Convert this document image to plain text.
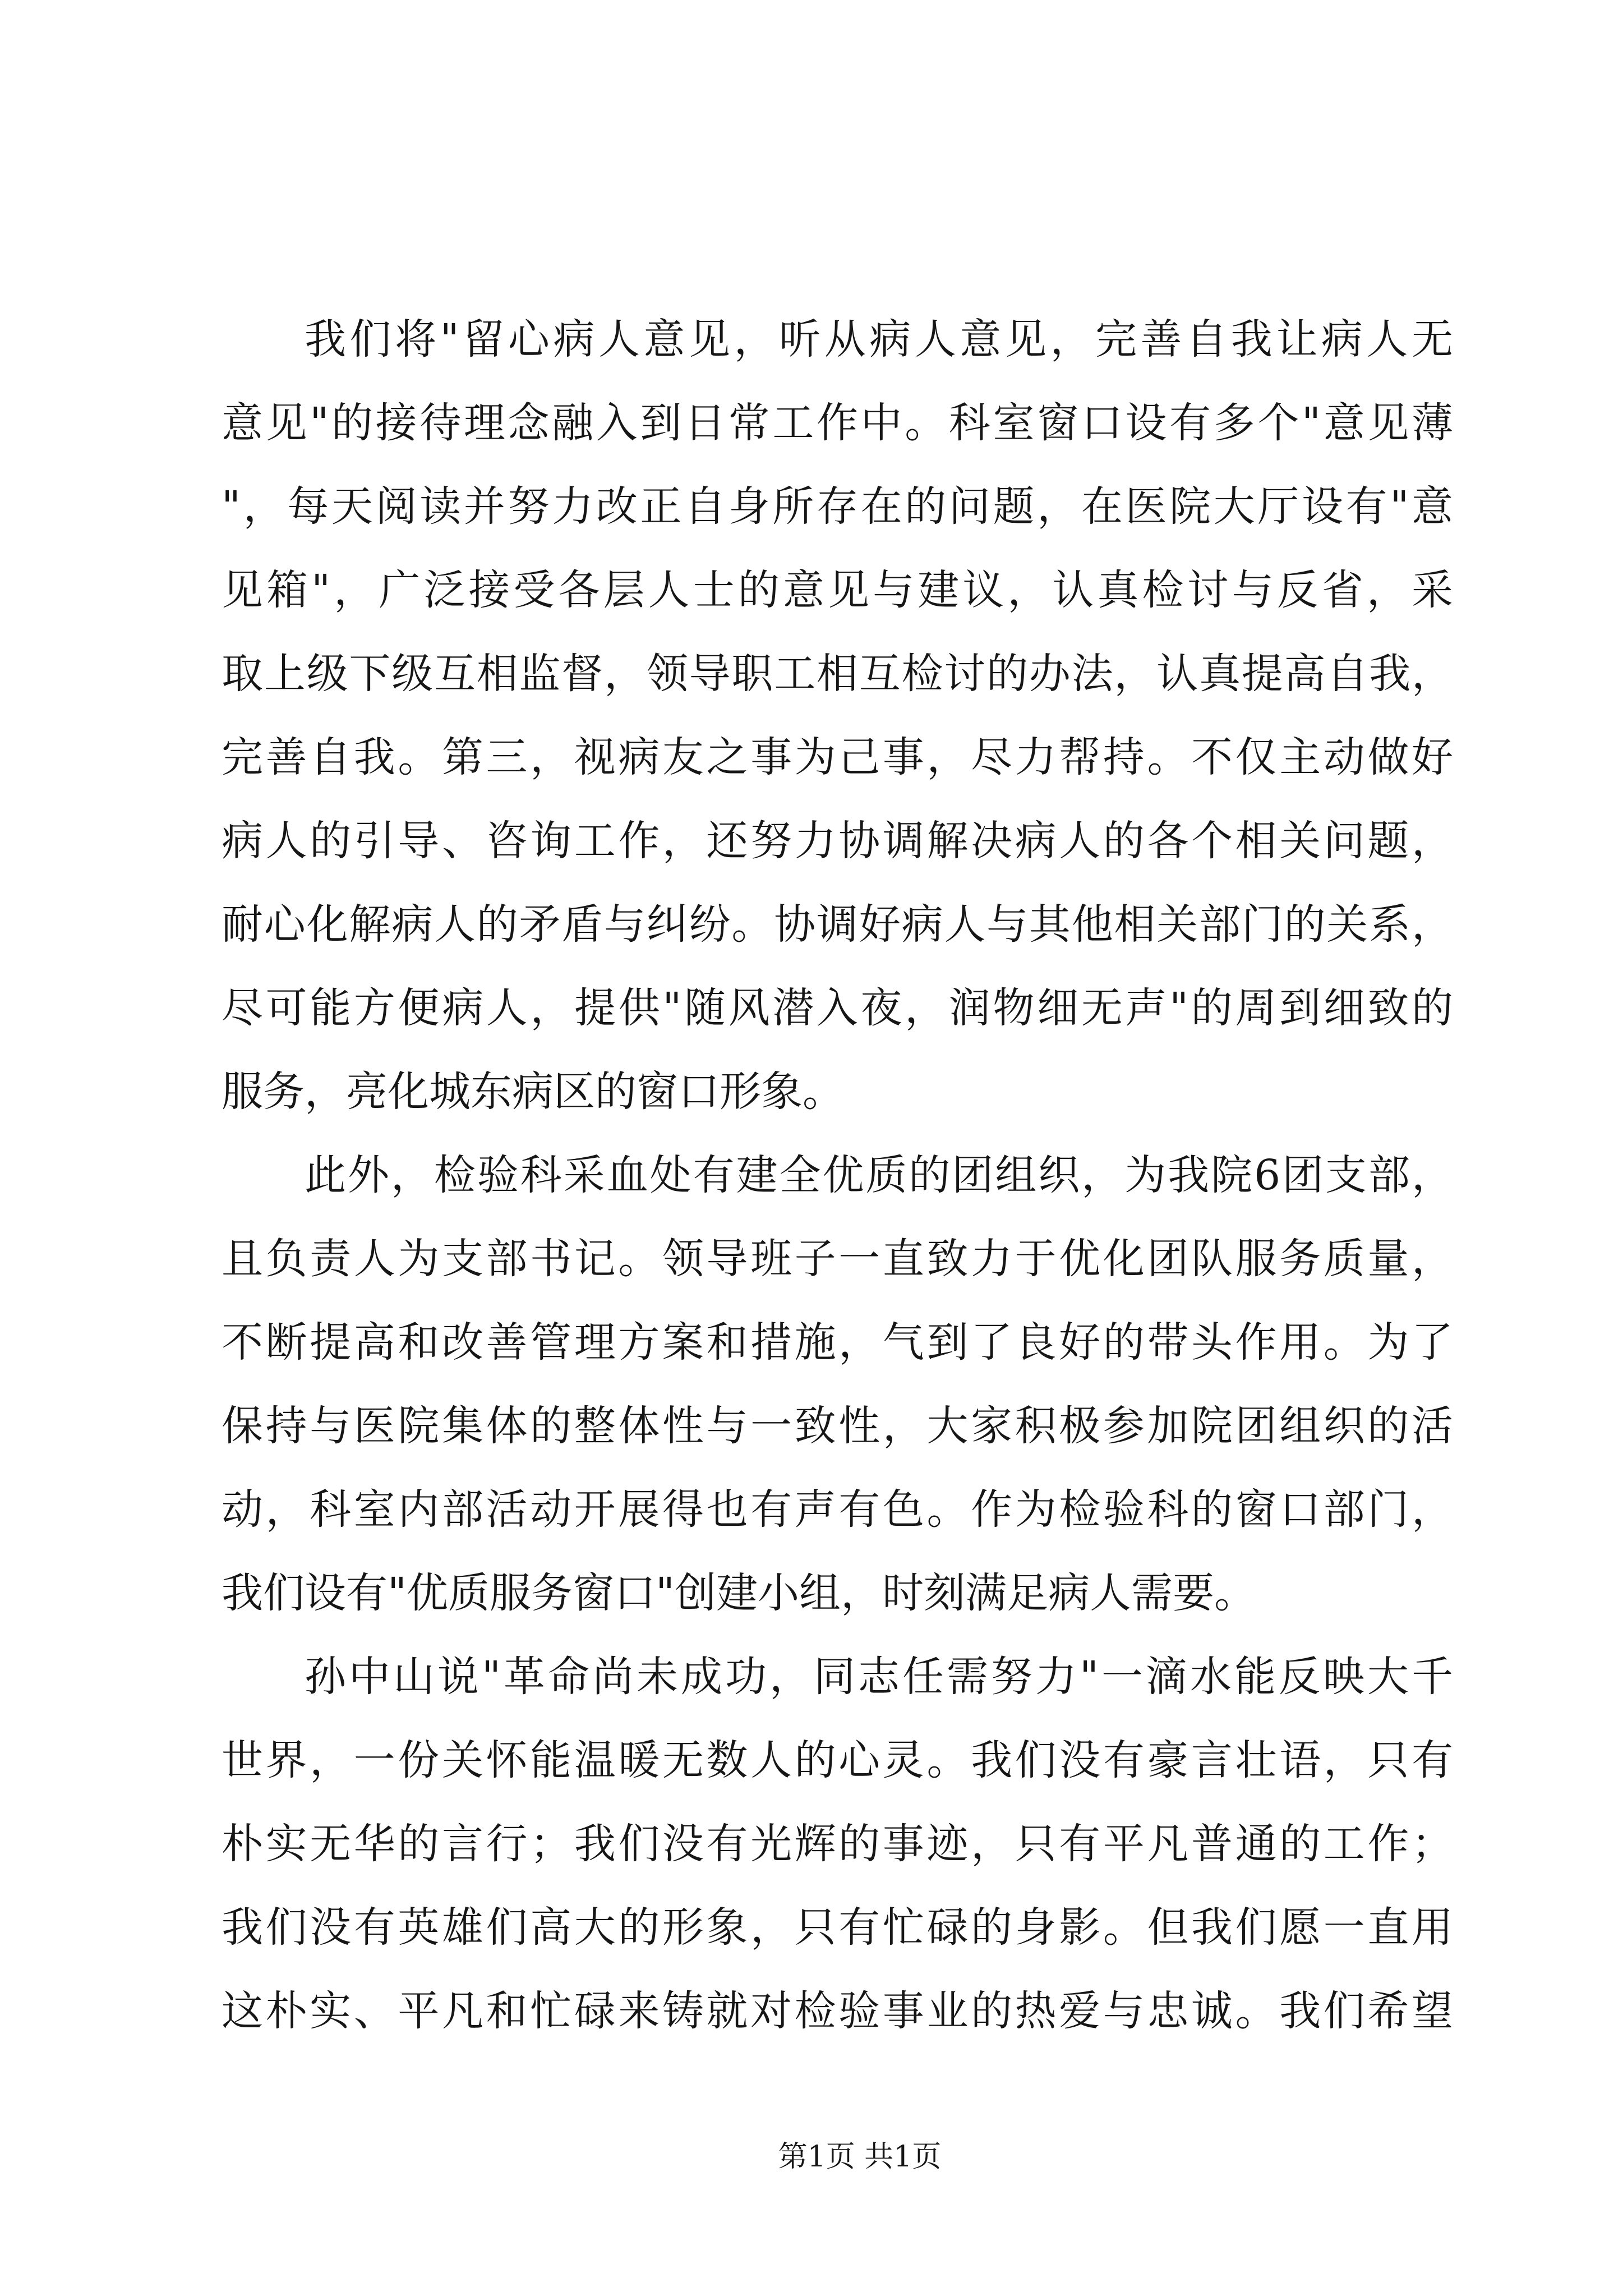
我们将"留心病人意见，听从病人意见，完善自我让病人无
意见"的接待理念融入到日常工作中。科室窗口设有多个"意见薄
"，每天阅读并努力改正自身所存在的问题，在医院大厅设有"意
见箱"，广泛接受各层人士的意见与建议，认真检讨与反省，采
取上级下级互相监督，领导职工相互检讨的办法，认真提高自我，
完善自我。第三，视病友之事为己事，尽力帮持。不仅主动做好
病人的引导、咨询工作，还努力协调解决病人的各个相关问题，
耐心化解病人的矛盾与纠纷。协调好病人与其他相关部门的关系，
尽可能方便病人，提供"随风潜入夜，润物细无声"的周到细致的
服务，亮化城东病区的窗口形象。
此外，检验科采血处有建全优质的团组织，为我院6团支部，
且负责人为支部书记。领导班子一直致力于优化团队服务质量，
不断提高和改善管理方案和措施，气到了良好的带头作用。为了
保持与医院集体的整体性与一致性，大家积极参加院团组织的活
动，科室内部活动开展得也有声有色。作为检验科的窗口部门，
我们设有"优质服务窗口"创建小组，时刻满足病人需要。
孙中山说"革命尚未成功，同志任需努力"一滴水能反映大千
世界，一份关怀能温暖无数人的心灵。我们没有豪言壮语，只有
朴实无华的言行；我们没有光辉的事迹，只有平凡普通的工作；
我们没有英雄们高大的形象，只有忙碌的身影。但我们愿一直用
这朴实、平凡和忙碌来铸就对检验事业的热爱与忠诚。我们希望
第1页 共1页
